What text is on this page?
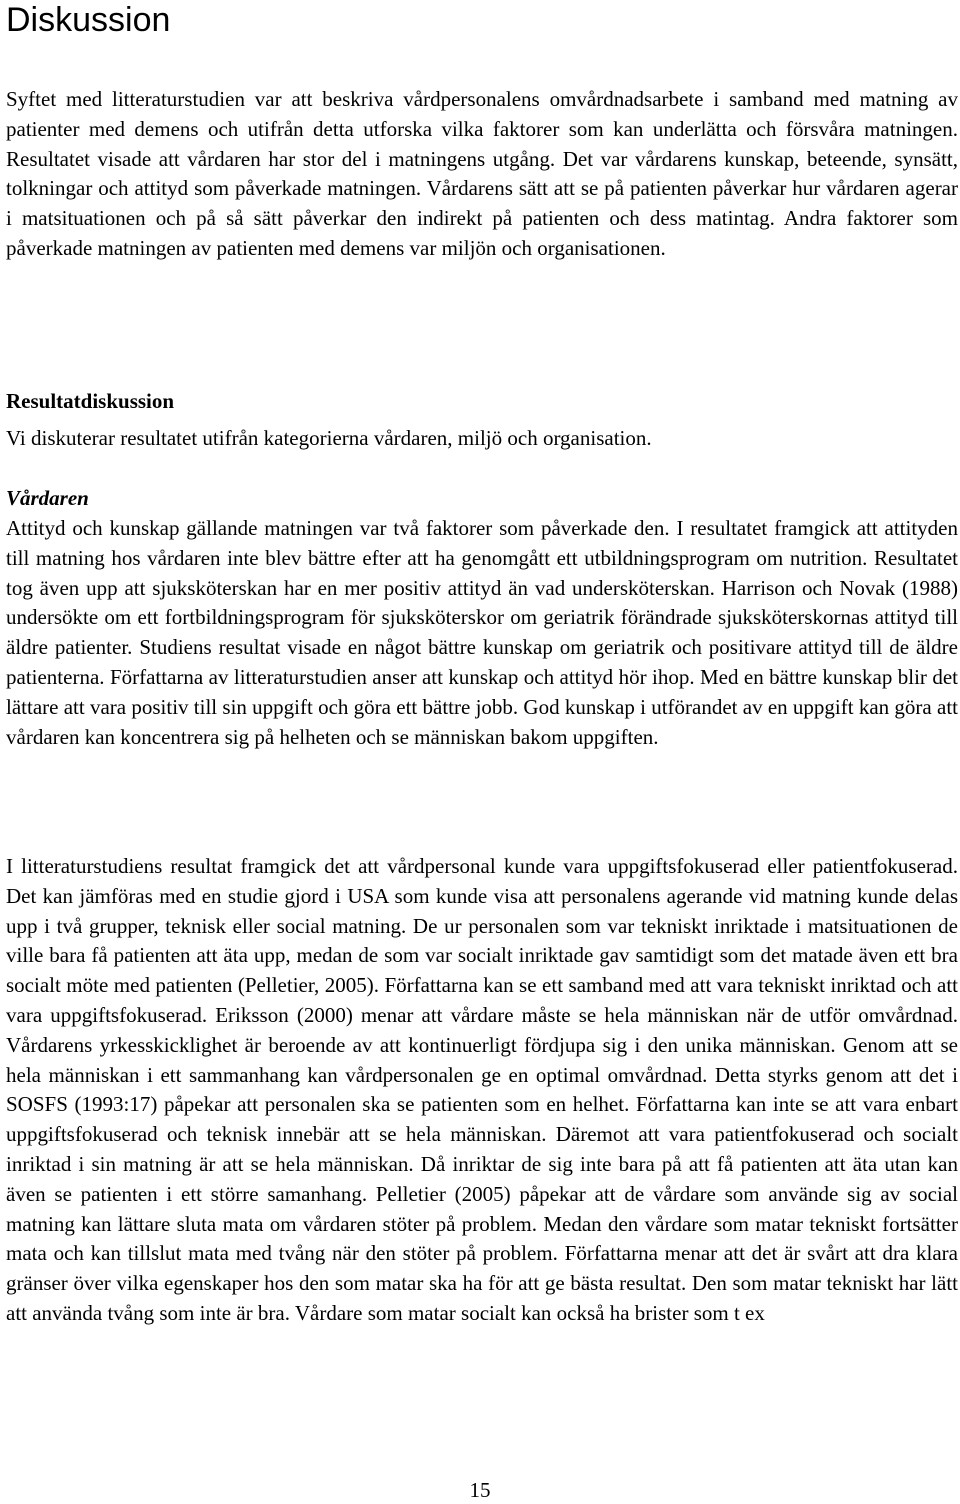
Diskussion

Syftet med litteraturstudien var att beskriva vårdpersonalens omvårdnadsarbete i samband med matning av patienter med demens och utifrån detta utforska vilka faktorer som kan underlätta och försvåra matningen. Resultatet visade att vårdaren har stor del i matningens utgång. Det var vårdarens kunskap, beteende, synsätt, tolkningar och attityd som påverkade matningen. Vårdarens sätt att se på patienten påverkar hur vårdaren agerar i matsituationen och på så sätt påverkar den indirekt på patienten och dess matintag. Andra faktorer som påverkade matningen av patienten med demens var miljön och organisationen.

Resultatdiskussion

Vi diskuterar resultatet utifrån kategorierna vårdaren, miljö och organisation.

Vårdaren

Attityd och kunskap gällande matningen var två faktorer som påverkade den. I resultatet framgick att attityden till matning hos vårdaren inte blev bättre efter att ha genomgått ett utbildningsprogram om nutrition. Resultatet tog även upp att sjuksköterskan har en mer positiv attityd än vad undersköterskan. Harrison och Novak (1988) undersökte om ett fortbildningsprogram för sjuksköterskor om geriatrik förändrade sjuksköterskornas attityd till äldre patienter. Studiens resultat visade en något bättre kunskap om geriatrik och positivare attityd till de äldre patienterna. Författarna av litteraturstudien anser att kunskap och attityd hör ihop. Med en bättre kunskap blir det lättare att vara positiv till sin uppgift och göra ett bättre jobb. God kunskap i utförandet av en uppgift kan göra att vårdaren kan koncentrera sig på helheten och se människan bakom uppgiften.

I litteraturstudiens resultat framgick det att vårdpersonal kunde vara uppgiftsfokuserad eller patientfokuserad. Det kan jämföras med en studie gjord i USA som kunde visa att personalens agerande vid matning kunde delas upp i två grupper, teknisk eller social matning. De ur personalen som var tekniskt inriktade i matsituationen de ville bara få patienten att äta upp, medan de som var socialt inriktade gav samtidigt som det matade även ett bra socialt möte med patienten (Pelletier, 2005). Författarna kan se ett samband med att vara tekniskt inriktad och att vara uppgiftsfokuserad. Eriksson (2000) menar att vårdare måste se hela människan när de utför omvårdnad. Vårdarens yrkesskicklighet är beroende av att kontinuerligt fördjupa sig i den unika människan. Genom att se hela människan i ett sammanhang kan vårdpersonalen ge en optimal omvårdnad. Detta styrks genom att det i SOSFS (1993:17) påpekar att personalen ska se patienten som en helhet. Författarna kan inte se att vara enbart uppgiftsfokuserad och teknisk innebär att se hela människan. Däremot att vara patientfokuserad och socialt inriktad i sin matning är att se hela människan. Då inriktar de sig inte bara på att få patienten att äta utan kan även se patienten i ett större samanhang. Pelletier (2005) påpekar att de vårdare som använde sig av social matning kan lättare sluta mata om vårdaren stöter på problem. Medan den vårdare som matar tekniskt fortsätter mata och kan tillslut mata med tvång när den stöter på problem. Författarna menar att det är svårt att dra klara gränser över vilka egenskaper hos den som matar ska ha för att ge bästa resultat. Den som matar tekniskt har lätt att använda tvång som inte är bra. Vårdare som matar socialt kan också ha brister som t ex

15
